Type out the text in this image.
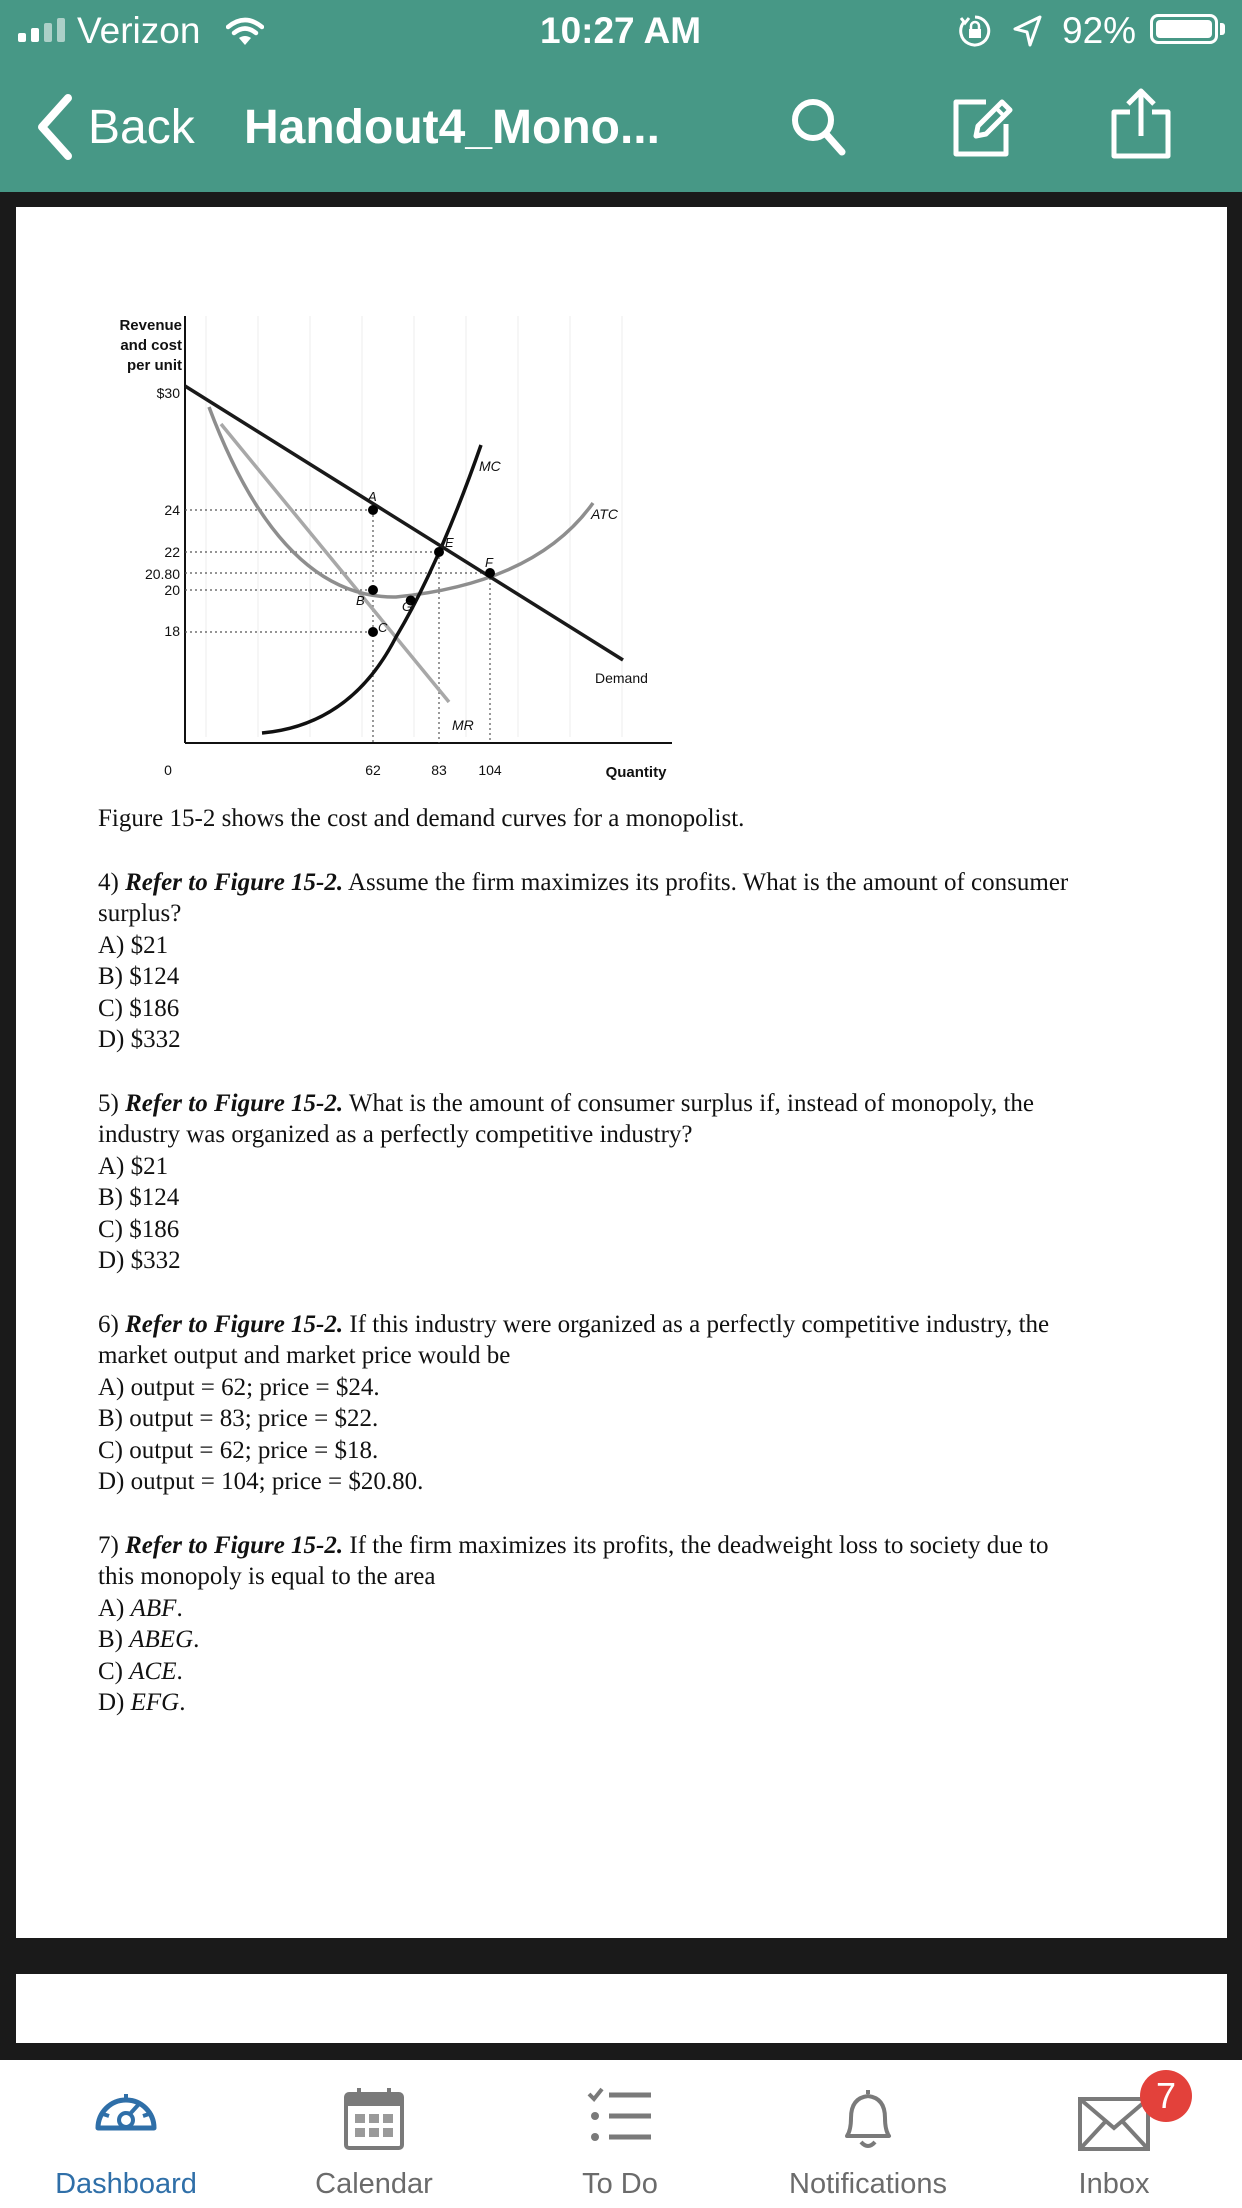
Verizon	10:27 AM	92%
Back Handout4_Mono...
Revenue
and cost
per unit
$30
24
22
20.80
20
18
0	62	83 104	Quantity
MC
ATC
Demand
MR
A
B
C
E
F
G

Figure 15-2 shows the cost and demand curves for a monopolist.

4) Refer to Figure 15-2. Assume the firm maximizes its profits. What is the amount of consumer
surplus?
A) $21
B) $124
C) $186
D) $332
5) Refer to Figure 15-2. What is the amount of consumer surplus if, instead of monopoly, the
industry was organized as a perfectly competitive industry?
A) $21
B) $124
C) $186
D) $332
6) Refer to Figure 15-2. If this industry were organized as a perfectly competitive industry, the
market output and market price would be
A) output = 62; price = $24.
B) output = 83; price = $22.
C) output = 62; price = $18.
D) output = 104; price = $20.80.
7) Refer to Figure 15-2. If the firm maximizes its profits, the deadweight loss to society due to
this monopoly is equal to the area
A) ABF.
B) ABEG.
C) ACE.
D) EFG.
Dashboard	Calendar	To Do	Notifications	Inbox
7
